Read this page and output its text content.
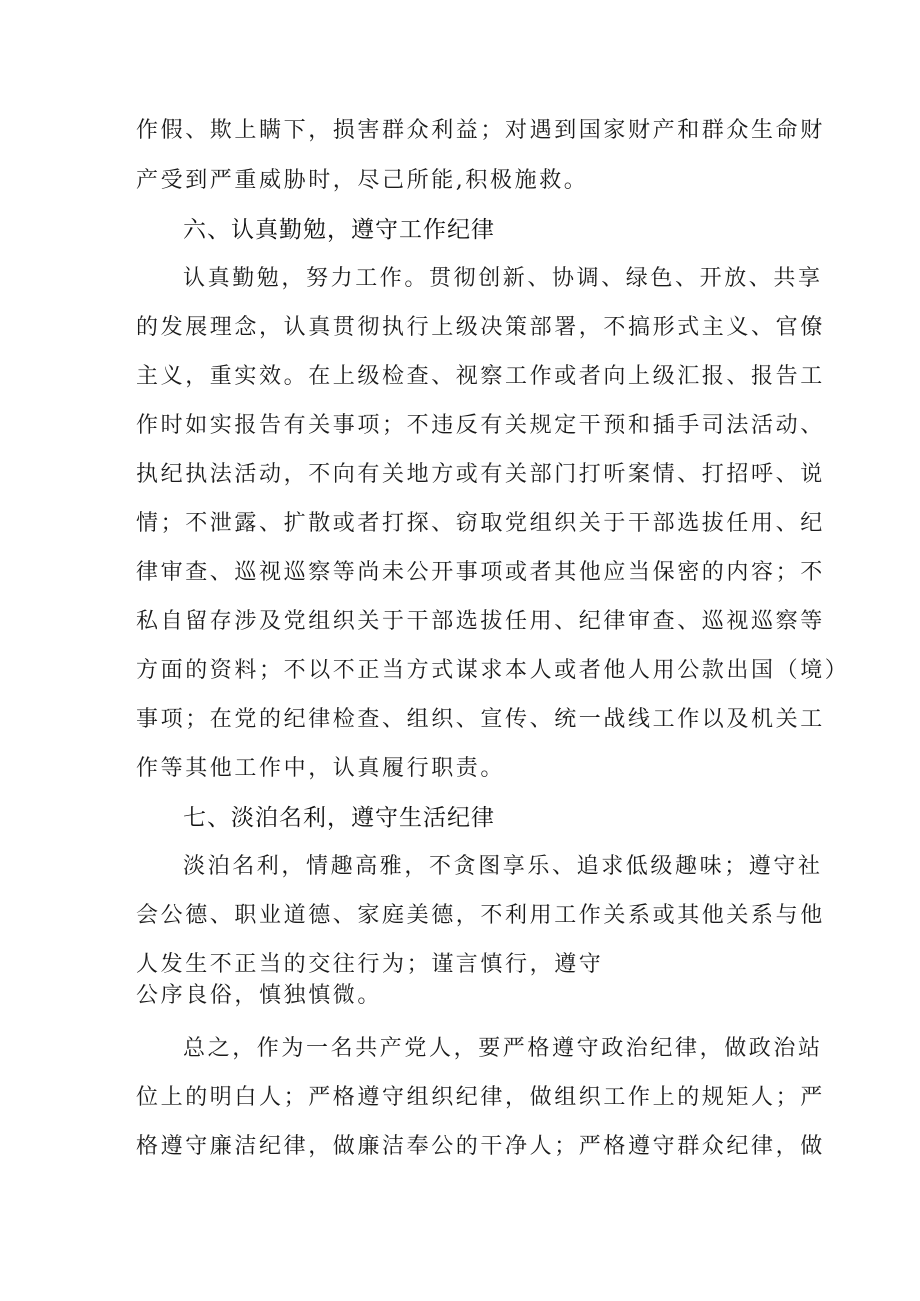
作假、欺上瞒下，损害群众利益；对遇到国家财产和群众生命财
产受到严重威胁时，尽己所能,积极施救。
六、认真勤勉，遵守工作纪律
认真勤勉，努力工作。贯彻创新、协调、绿色、开放、共享
的发展理念，认真贯彻执行上级决策部署，不搞形式主义、官僚
主义，重实效。在上级检查、视察工作或者向上级汇报、报告工
作时如实报告有关事项；不违反有关规定干预和插手司法活动、
执纪执法活动，不向有关地方或有关部门打听案情、打招呼、说
情；不泄露、扩散或者打探、窃取党组织关于干部选拔任用、纪
律审查、巡视巡察等尚未公开事项或者其他应当保密的内容；不
私自留存涉及党组织关于干部选拔任用、纪律审查、巡视巡察等
方面的资料；不以不正当方式谋求本人或者他人用公款出国（境）
事项；在党的纪律检查、组织、宣传、统一战线工作以及机关工
作等其他工作中，认真履行职责。
七、淡泊名利，遵守生活纪律
淡泊名利，情趣高雅，不贪图享乐、追求低级趣味；遵守社
会公德、职业道德、家庭美德，不利用工作关系或其他关系与他
人发生不正当的交往行为；谨言慎行，遵守
公序良俗，慎独慎微。
总之，作为一名共产党人，要严格遵守政治纪律，做政治站
位上的明白人；严格遵守组织纪律，做组织工作上的规矩人；严
格遵守廉洁纪律，做廉洁奉公的干净人；严格遵守群众纪律，做
